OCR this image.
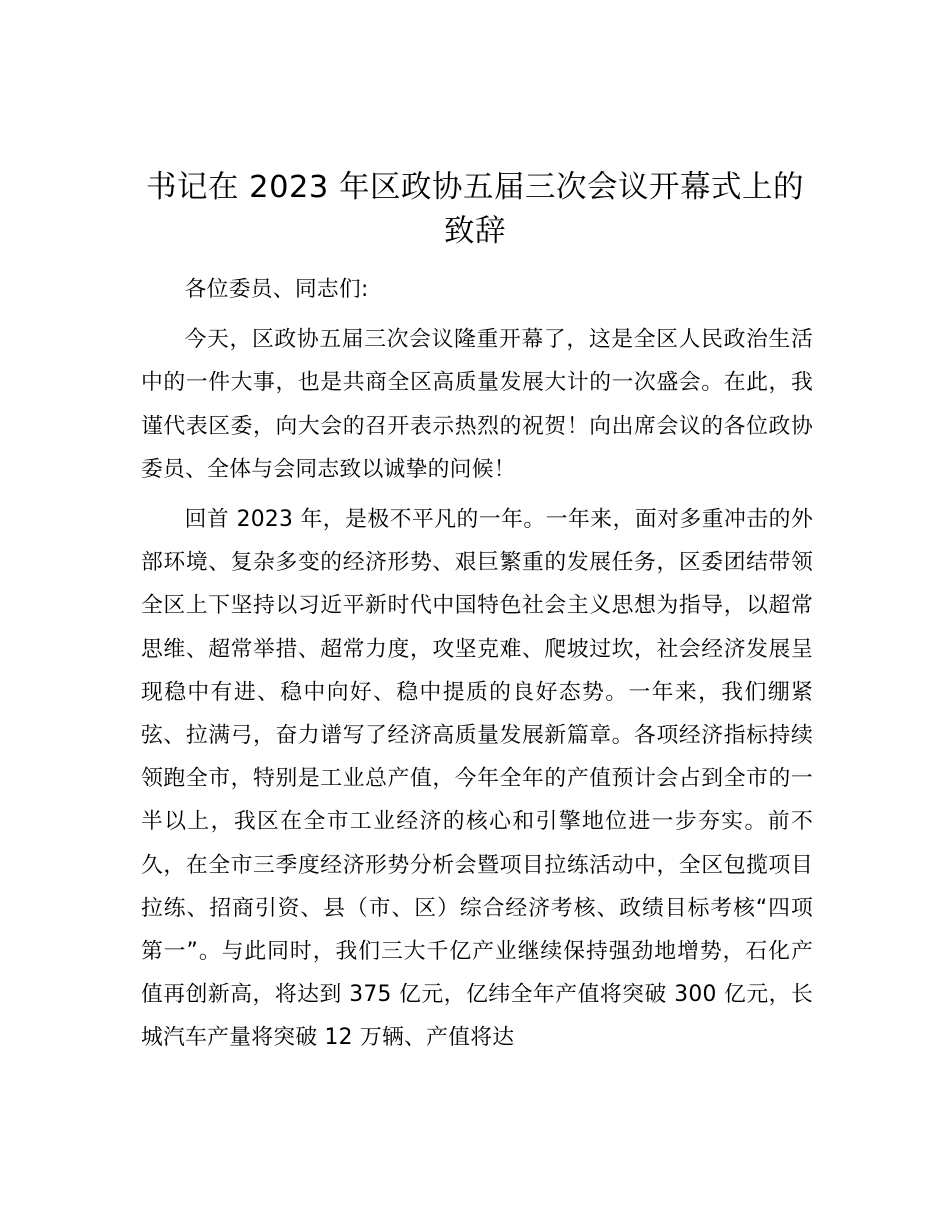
书记在 2023 年区政协五届三次会议开幕式上的致辞

各位委员、同志们:

今天，区政协五届三次会议隆重开幕了，这是全区人民政治生活中的一件大事，也是共商全区高质量发展大计的一次盛会。在此，我谨代表区委，向大会的召开表示热烈的祝贺！向出席会议的各位政协委员、全体与会同志致以诚挚的问候！

回首 2023 年，是极不平凡的一年。一年来，面对多重冲击的外部环境、复杂多变的经济形势、艰巨繁重的发展任务，区委团结带领全区上下坚持以习近平新时代中国特色社会主义思想为指导，以超常思维、超常举措、超常力度，攻坚克难、爬坡过坎，社会经济发展呈现稳中有进、稳中向好、稳中提质的良好态势。一年来，我们绷紧弦、拉满弓，奋力谱写了经济高质量发展新篇章。各项经济指标持续领跑全市，特别是工业总产值，今年全年的产值预计会占到全市的一半以上，我区在全市工业经济的核心和引擎地位进一步夯实。前不久，在全市三季度经济形势分析会暨项目拉练活动中，全区包揽项目拉练、招商引资、县（市、区）综合经济考核、政绩目标考核“四项第一”。与此同时，我们三大千亿产业继续保持强劲地增势，石化产值再创新高，将达到 375 亿元，亿纬全年产值将突破 300 亿元，长城汽车产量将突破 12 万辆、产值将达
